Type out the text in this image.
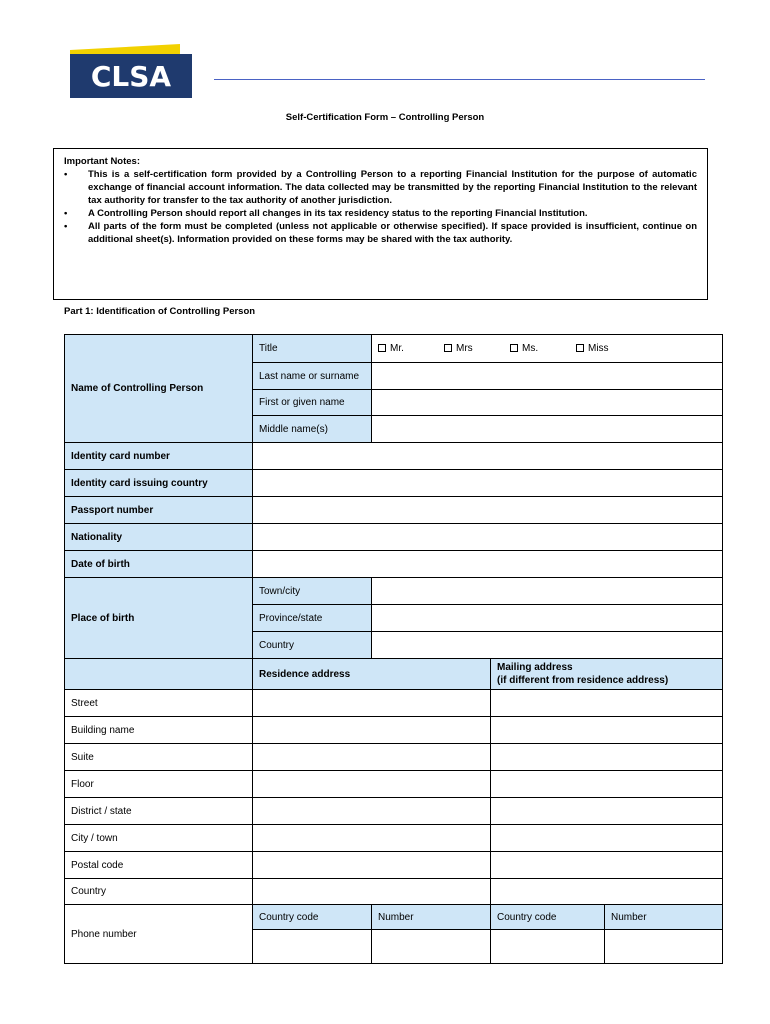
CLSA
Self-Certification Form – Controlling Person
Important Notes:
• This is a self-certification form provided by a Controlling Person to a reporting Financial Institution for the purpose of automatic exchange of financial account information. The data collected may be transmitted by the reporting Financial Institution to the relevant tax authority for transfer to the tax authority of another jurisdiction.
• A Controlling Person should report all changes in its tax residency status to the reporting Financial Institution.
• All parts of the form must be completed (unless not applicable or otherwise specified). If space provided is insufficient, continue on additional sheet(s). Information provided on these forms may be shared with the tax authority.
Part 1: Identification of Controlling Person
Name of Controlling Person	Title	Mr. Mrs Ms. Miss		

	Last name or surname			
	First or given name			
	Middle name(s)			
Identity card number				
Identity card issuing country				
Passport number				
Nationality				
Date of birth				
Place of birth	Town/city			
	Province/state			
	Country			
	Residence address		Mailing address
(if different from residence address)	

Street				
Building name				
Suite				
Floor				
District / state				
City / town				
Postal code				
Country				
Phone number	Country code	Number	Country code	Number
